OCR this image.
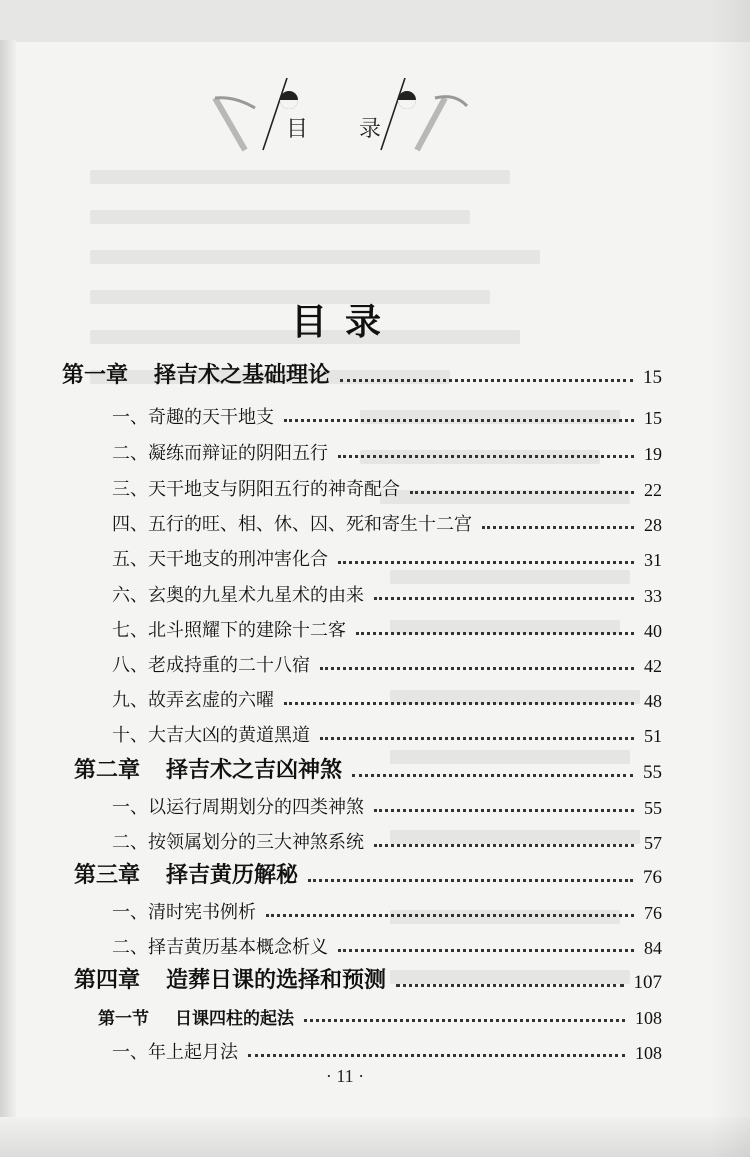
目 录
目录
第一章 择吉术之基础理论	15
一、奇趣的天干地支	15
二、凝练而辩证的阴阳五行	19
三、天干地支与阴阳五行的神奇配合	22
四、五行的旺、相、休、囚、死和寄生十二宫	28
五、天干地支的刑冲害化合	31
六、玄奥的九星术九星术的由来	33
七、北斗照耀下的建除十二客	40
八、老成持重的二十八宿	42
九、故弄玄虚的六曜	48
十、大吉大凶的黄道黑道	51
第二章 择吉术之吉凶神煞	55
一、以运行周期划分的四类神煞	55
二、按领属划分的三大神煞系统	57
第三章 择吉黄历解秘	76
一、清时宪书例析	76
二、择吉黄历基本概念析义	84
第四章 造葬日课的选择和预测	107
第一节 日课四柱的起法	108
一、年上起月法	108
· 11 ·
